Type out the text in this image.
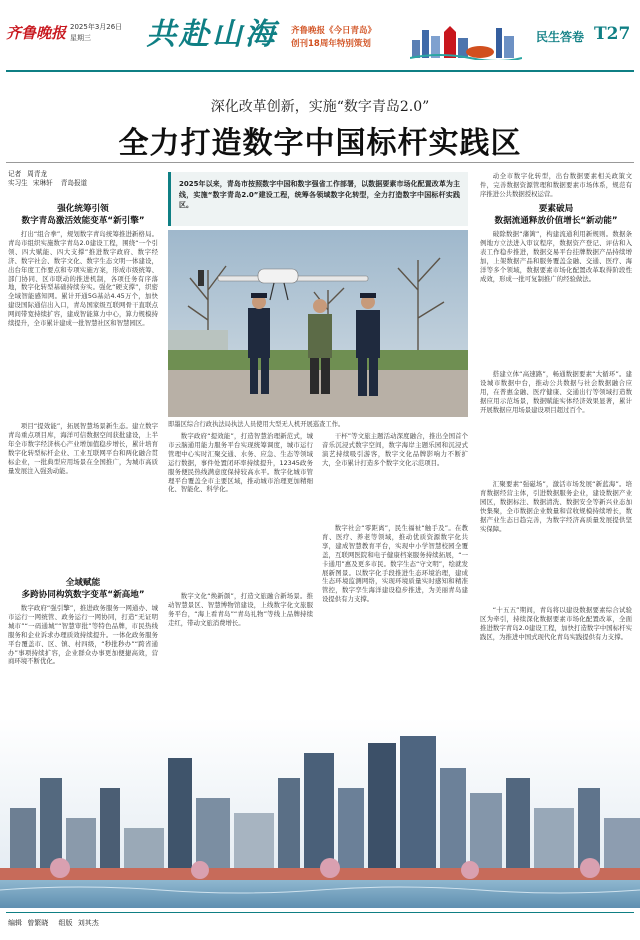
齐鲁晚报 2025年3月26日
星期三 共赴山海 齐鲁晚报《今日青岛》
创刊18周年特别策划	民生答卷 T27
深化改革创新，实施“数字青岛2.0”
全力打造数字中国标杆实践区
记者 周青龙
实习生 宋琳轩 青岛报道
强化统筹引领
数字青岛激活效能变革“新引擎”
打出“组合拳”，规划数字青岛统筹推进新格局。青岛市组织实施数字青岛2.0建设工程，围绕“一个引领、四大赋能、四大支撑”推进数字政府、数字经济、数字社会、数字文化、数字生态文明一体建设，出台年度工作要点和专项实施方案，形成市级统筹、部门协同、区市联动的推进机制，各项任务有序落地，数字化转型基础持续夯实。强化“硬支撑”，织密全域智能感知网。累计开通5G基站4.45万个，加快建设国际通信出入口，青岛国家级互联网骨干直联点网间带宽持续扩容，建成智能算力中心，算力规模持续提升，全市累计建成一批智慧社区和智慧园区。
项目“提效能”，拓展智慧场景新生态。建立数字青岛重点项目库，海洋可信数据空间获批建设，上半年全市数字经济核心产业增加值稳步增长，累计培育数字化转型标杆企业、工业互联网平台和两化融合贯标企业，一批典型应用场景在全国推广，为城市高质量发展注入强劲动能。
全域赋能
多跨协同构筑数字变革“新高地”
数字政府“强引擎”，推进政务服务一网通办、城市运行一网统管、政务运行一网协同，打造“无证明城市”“一码通城”“智慧审批”等特色品牌，市民热线服务和企业诉求办理质效持续提升。一体化政务服务平台覆盖市、区、镇、村四级，“秒批秒办”“跨省通办”事项持续扩容，企业群众办事更加便捷高效，营商环境不断优化。
2025年以来，青岛市按照数字中国和数字强省工作部署，以数据要素市场化配置改革为主线，实施“数字青岛2.0”建设工程，统筹各领域数字化转型，全力打造数字中国标杆实践区。
即墨区综合行政执法局执法人员使用大型无人机开展巡查工作。
数字政府“提效能”，打造智慧治理新范式，城市云脑通用能力服务平台实现统筹调度，城市运行管理中心实时汇聚交通、水务、应急、生态等领域运行数据，事件处置闭环率持续提升，12345政务服务便民热线满意度保持较高水平。数字化城市管理平台覆盖全市主要区域，推动城市治理更加精细化、智能化、科学化。
数字文化“焕新颜”，打造文旅融合新场景。推动智慧景区、智慧博物馆建设，上线数字化文旅服务平台，“海上看青岛”“青岛礼物”等线上品牌持续走红，带动文旅消费增长。
干杯”等文旅主题活动深度融合，推出全国首个音乐沉浸式数字空间，数字海岸主题乐园和沉浸式演艺持续吸引游客，数字文化品牌影响力不断扩大，全市累计打造多个数字文化示范项目。
数字社会“零距离”，民生福祉“触手及”。在教育、医疗、养老等领域，推动优质资源数字化共享，建成智慧教育平台，实现中小学智慧校园全覆盖，互联网医院和电子健康档案服务持续拓展，“一卡通用”惠及更多市民。数字生态“守文明”，绘就发展新图景。以数字化手段推进生态环境治理，建成生态环境监测网络，实现环境质量实时感知和精准管控，数字孪生海洋建设稳步推进，为美丽青岛建设提供有力支撑。
动全市数字化转型，出台数据要素相关政策文件，完善数据资源管理和数据要素市场体系，规范有序推进公共数据授权运营。
要素破局
数据流通释放价值增长“新动能”
破除数据“藩篱”，构建流通利用新规则。数据条例地方立法进入审议程序，数据资产登记、评估和入表工作稳步推进，数据交易平台挂牌数据产品持续增加，上架数据产品和服务覆盖金融、交通、医疗、海洋等多个领域，数据要素市场化配置改革取得阶段性成效，形成一批可复制推广的经验做法。
搭建立体“高速路”，畅通数据要素“大循环”。建设城市数据中台，推动公共数据与社会数据融合应用，在普惠金融、医疗健康、交通出行等领域打造数据应用示范场景，数据赋能实体经济效果显著，累计开展数据应用场景建设项目超过百个。
汇聚要素“强磁场”，激活市场发展“新蓝海”。培育数据经营主体，引进数据服务企业，建设数据产业园区，数据标注、数据清洗、数据安全等新兴业态加快集聚，全市数据企业数量和营收规模持续增长，数据产业生态日趋完善，为数字经济高质量发展提供坚实保障。
“十五五”期间，青岛将以建设数据要素综合试验区为牵引，持续深化数据要素市场化配置改革，全面推进数字青岛2.0建设工程，加快打造数字中国标杆实践区，为推进中国式现代化青岛实践提供有力支撑。
编辑 曾繁晓 组版 刘其杰
